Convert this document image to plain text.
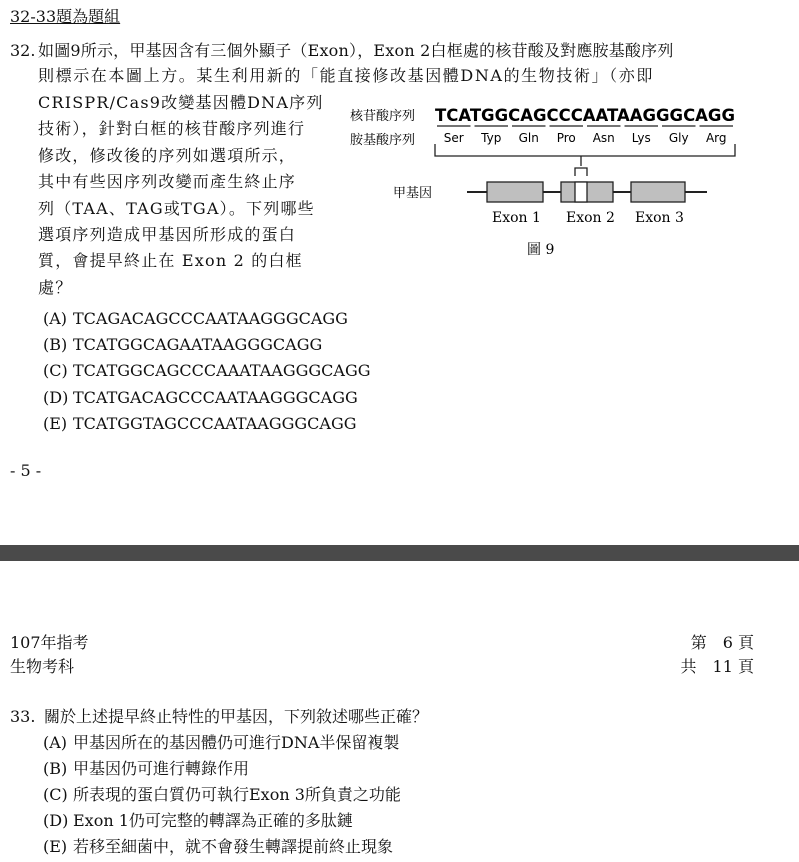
32-33題為題組
32. 如圖9所示，甲基因含有三個外顯子（Exon），Exon 2白框處的核苷酸及對應胺基酸序列
則標示在本圖上方。某生利用新的「能直接修改基因體DNA的生物技術」（亦即
CRISPR/Cas9改變基因體DNA序列
技術），針對白框的核苷酸序列進行
修改，修改後的序列如選項所示，
其中有些因序列改變而產生終止序
列（TAA、TAG或TGA）。下列哪些
選項序列造成甲基因所形成的蛋白
質，會提早終止在 Exon 2 的白框
處？
核苷酸序列
胺基酸序列
TCATGGCAGCCCAATAAGGGCAGG
Ser Typ Gln Pro Asn Lys Gly Arg
甲基因
Exon 1 Exon 2 Exon 3
圖 9
(A) TCAGACAGCCCAATAAGGGCAGG
(B) TCATGGCAGAATAAGGGCAGG
(C) TCATGGCAGCCCAAATAAGGGCAGG
(D) TCATGACAGCCCAATAAGGGCAGG
(E) TCATGGTAGCCCAATAAGGGCAGG
- 5 -
107年指考
生物考科
第　6 頁
共　11 頁
33. 關於上述提早終止特性的甲基因，下列敘述哪些正確？
(A) 甲基因所在的基因體仍可進行DNA半保留複製
(B) 甲基因仍可進行轉錄作用
(C) 所表現的蛋白質仍可執行Exon 3所負責之功能
(D) Exon 1仍可完整的轉譯為正確的多肽鏈
(E) 若移至細菌中，就不會發生轉譯提前終止現象
